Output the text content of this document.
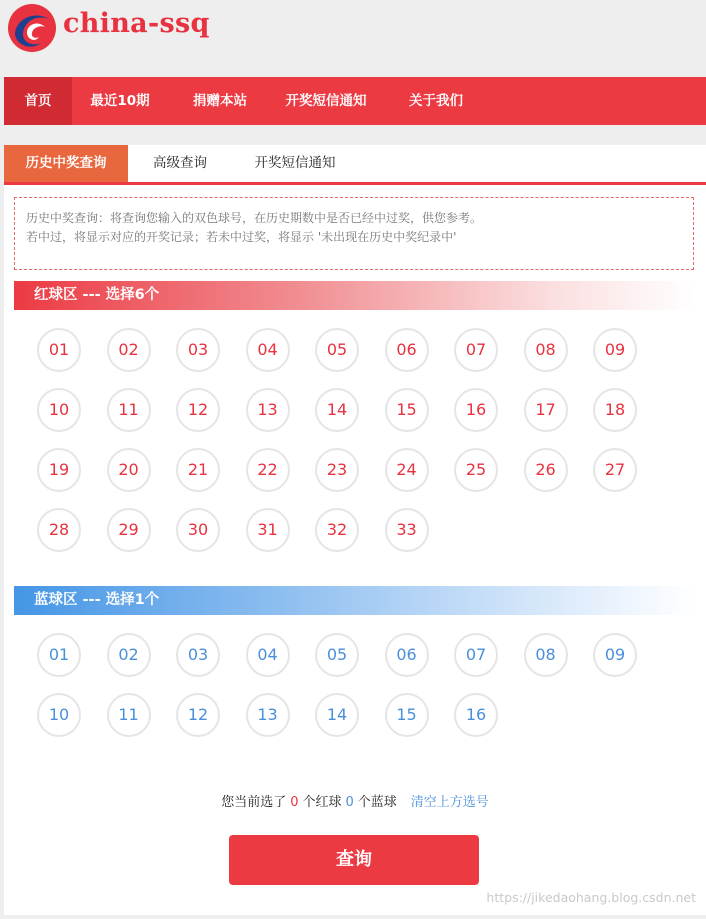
china-ssq
首页	最近10期	捐赠本站	开奖短信通知	关于我们
历史中奖查询	高级查询	开奖短信通知
历史中奖查询：将查询您输入的双色球号，在历史期数中是否已经中过奖，供您参考。
若中过，将显示对应的开奖记录；若未中过奖，将显示 '未出现在历史中奖纪录中'
红球区 --- 选择6个
01	02	03	04	05	06	07	08	09
10	11	12	13	14	15	16	17	18
19	20	21	22	23	24	25	26	27
28	29	30	31	32	33
蓝球区 --- 选择1个
01	02	03	04	05	06	07	08	09
10	11	12	13	14	15	16
您当前选了 0 个红球 0 个蓝球 清空上方选号
查询
https://jikedaohang.blog.csdn.net
